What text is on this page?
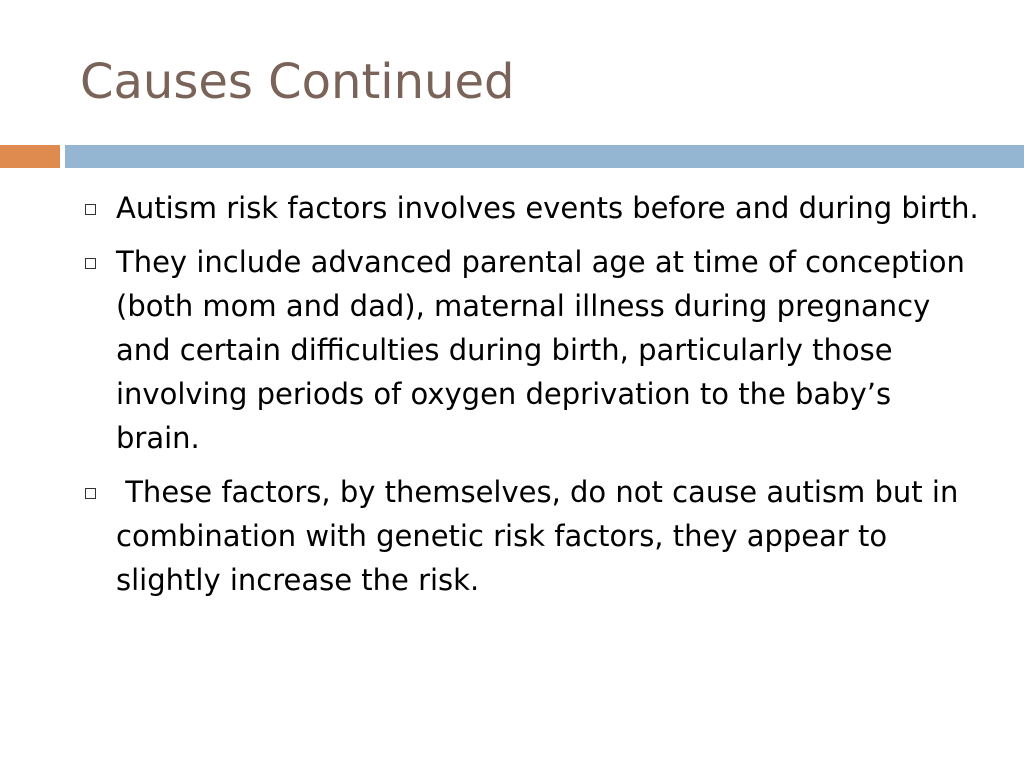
Causes Continued
Autism risk factors involves events before and during birth.
They include advanced parental age at time of conception (both mom and dad), maternal illness during pregnancy and certain difficulties during birth, particularly those involving periods of oxygen deprivation to the baby’s brain.
These factors, by themselves, do not cause autism but in combination with genetic risk factors, they appear to slightly increase the risk.
